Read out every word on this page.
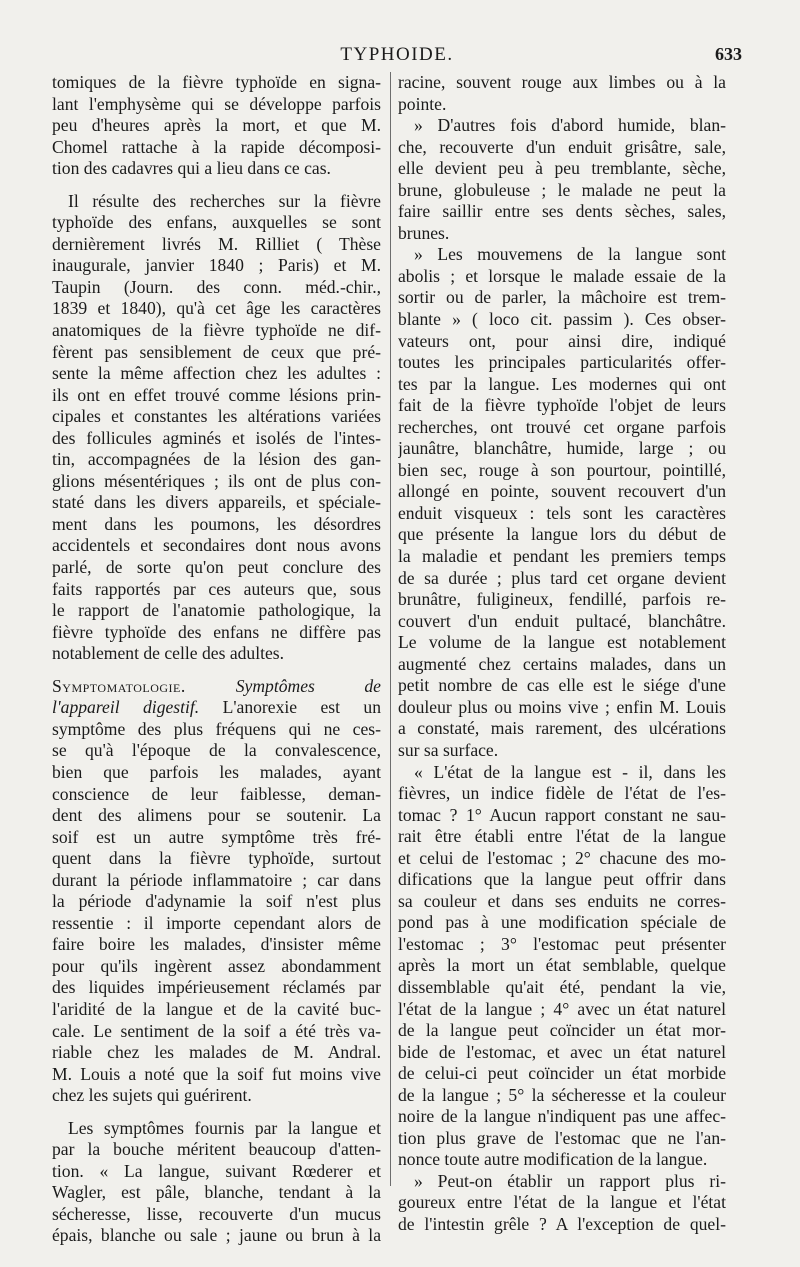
TYPHOIDE.	633
tomiques de la fièvre typhoïde en signa-
lant l'emphysème qui se développe parfois
peu d'heures après la mort, et que M.
Chomel rattache à la rapide décomposi-
tion des cadavres qui a lieu dans ce cas.
Il résulte des recherches sur la fièvre
typhoïde des enfans, auxquelles se sont
dernièrement livrés M. Rilliet ( Thèse
inaugurale, janvier 1840 ; Paris) et M.
Taupin (Journ. des conn. méd.-chir.,
1839 et 1840), qu'à cet âge les caractères
anatomiques de la fièvre typhoïde ne dif-
fèrent pas sensiblement de ceux que pré-
sente la même affection chez les adultes :
ils ont en effet trouvé comme lésions prin-
cipales et constantes les altérations variées
des follicules agminés et isolés de l'intes-
tin, accompagnées de la lésion des gan-
glions mésentériques ; ils ont de plus con-
staté dans les divers appareils, et spéciale-
ment dans les poumons, les désordres
accidentels et secondaires dont nous avons
parlé, de sorte qu'on peut conclure des
faits rapportés par ces auteurs que, sous
le rapport de l'anatomie pathologique, la
fièvre typhoïde des enfans ne diffère pas
notablement de celle des adultes.
Symptomatologie. Symptômes de
l'appareil digestif. L'anorexie est un
symptôme des plus fréquens qui ne ces-
se qu'à l'époque de la convalescence,
bien que parfois les malades, ayant
conscience de leur faiblesse, deman-
dent des alimens pour se soutenir. La
soif est un autre symptôme très fré-
quent dans la fièvre typhoïde, surtout
durant la période inflammatoire ; car dans
la période d'adynamie la soif n'est plus
ressentie : il importe cependant alors de
faire boire les malades, d'insister même
pour qu'ils ingèrent assez abondamment
des liquides impérieusement réclamés par
l'aridité de la langue et de la cavité buc-
cale. Le sentiment de la soif a été très va-
riable chez les malades de M. Andral.
M. Louis a noté que la soif fut moins vive
chez les sujets qui guérirent.
Les symptômes fournis par la langue et
par la bouche méritent beaucoup d'atten-
tion. « La langue, suivant Rœderer et
Wagler, est pâle, blanche, tendant à la
sécheresse, lisse, recouverte d'un mucus
épais, blanche ou sale ; jaune ou brun à la
racine, souvent rouge aux limbes ou à la
pointe.
» D'autres fois d'abord humide, blan-
che, recouverte d'un enduit grisâtre, sale,
elle devient peu à peu tremblante, sèche,
brune, globuleuse ; le malade ne peut la
faire saillir entre ses dents sèches, sales,
brunes.
» Les mouvemens de la langue sont
abolis ; et lorsque le malade essaie de la
sortir ou de parler, la mâchoire est trem-
blante » ( loco cit. passim ). Ces obser-
vateurs ont, pour ainsi dire, indiqué
toutes les principales particularités offer-
tes par la langue. Les modernes qui ont
fait de la fièvre typhoïde l'objet de leurs
recherches, ont trouvé cet organe parfois
jaunâtre, blanchâtre, humide, large ; ou
bien sec, rouge à son pourtour, pointillé,
allongé en pointe, souvent recouvert d'un
enduit visqueux : tels sont les caractères
que présente la langue lors du début de
la maladie et pendant les premiers temps
de sa durée ; plus tard cet organe devient
brunâtre, fuligineux, fendillé, parfois re-
couvert d'un enduit pultacé, blanchâtre.
Le volume de la langue est notablement
augmenté chez certains malades, dans un
petit nombre de cas elle est le siége d'une
douleur plus ou moins vive ; enfin M. Louis
a constaté, mais rarement, des ulcérations
sur sa surface.
« L'état de la langue est - il, dans les
fièvres, un indice fidèle de l'état de l'es-
tomac ? 1° Aucun rapport constant ne sau-
rait être établi entre l'état de la langue
et celui de l'estomac ; 2° chacune des mo-
difications que la langue peut offrir dans
sa couleur et dans ses enduits ne corres-
pond pas à une modification spéciale de
l'estomac ; 3° l'estomac peut présenter
après la mort un état semblable, quelque
dissemblable qu'ait été, pendant la vie,
l'état de la langue ; 4° avec un état naturel
de la langue peut coïncider un état mor-
bide de l'estomac, et avec un état naturel
de celui-ci peut coïncider un état morbide
de la langue ; 5° la sécheresse et la couleur
noire de la langue n'indiquent pas une affec-
tion plus grave de l'estomac que ne l'an-
nonce toute autre modification de la langue.
» Peut-on établir un rapport plus ri-
goureux entre l'état de la langue et l'état
de l'intestin grêle ? A l'exception de quel-
